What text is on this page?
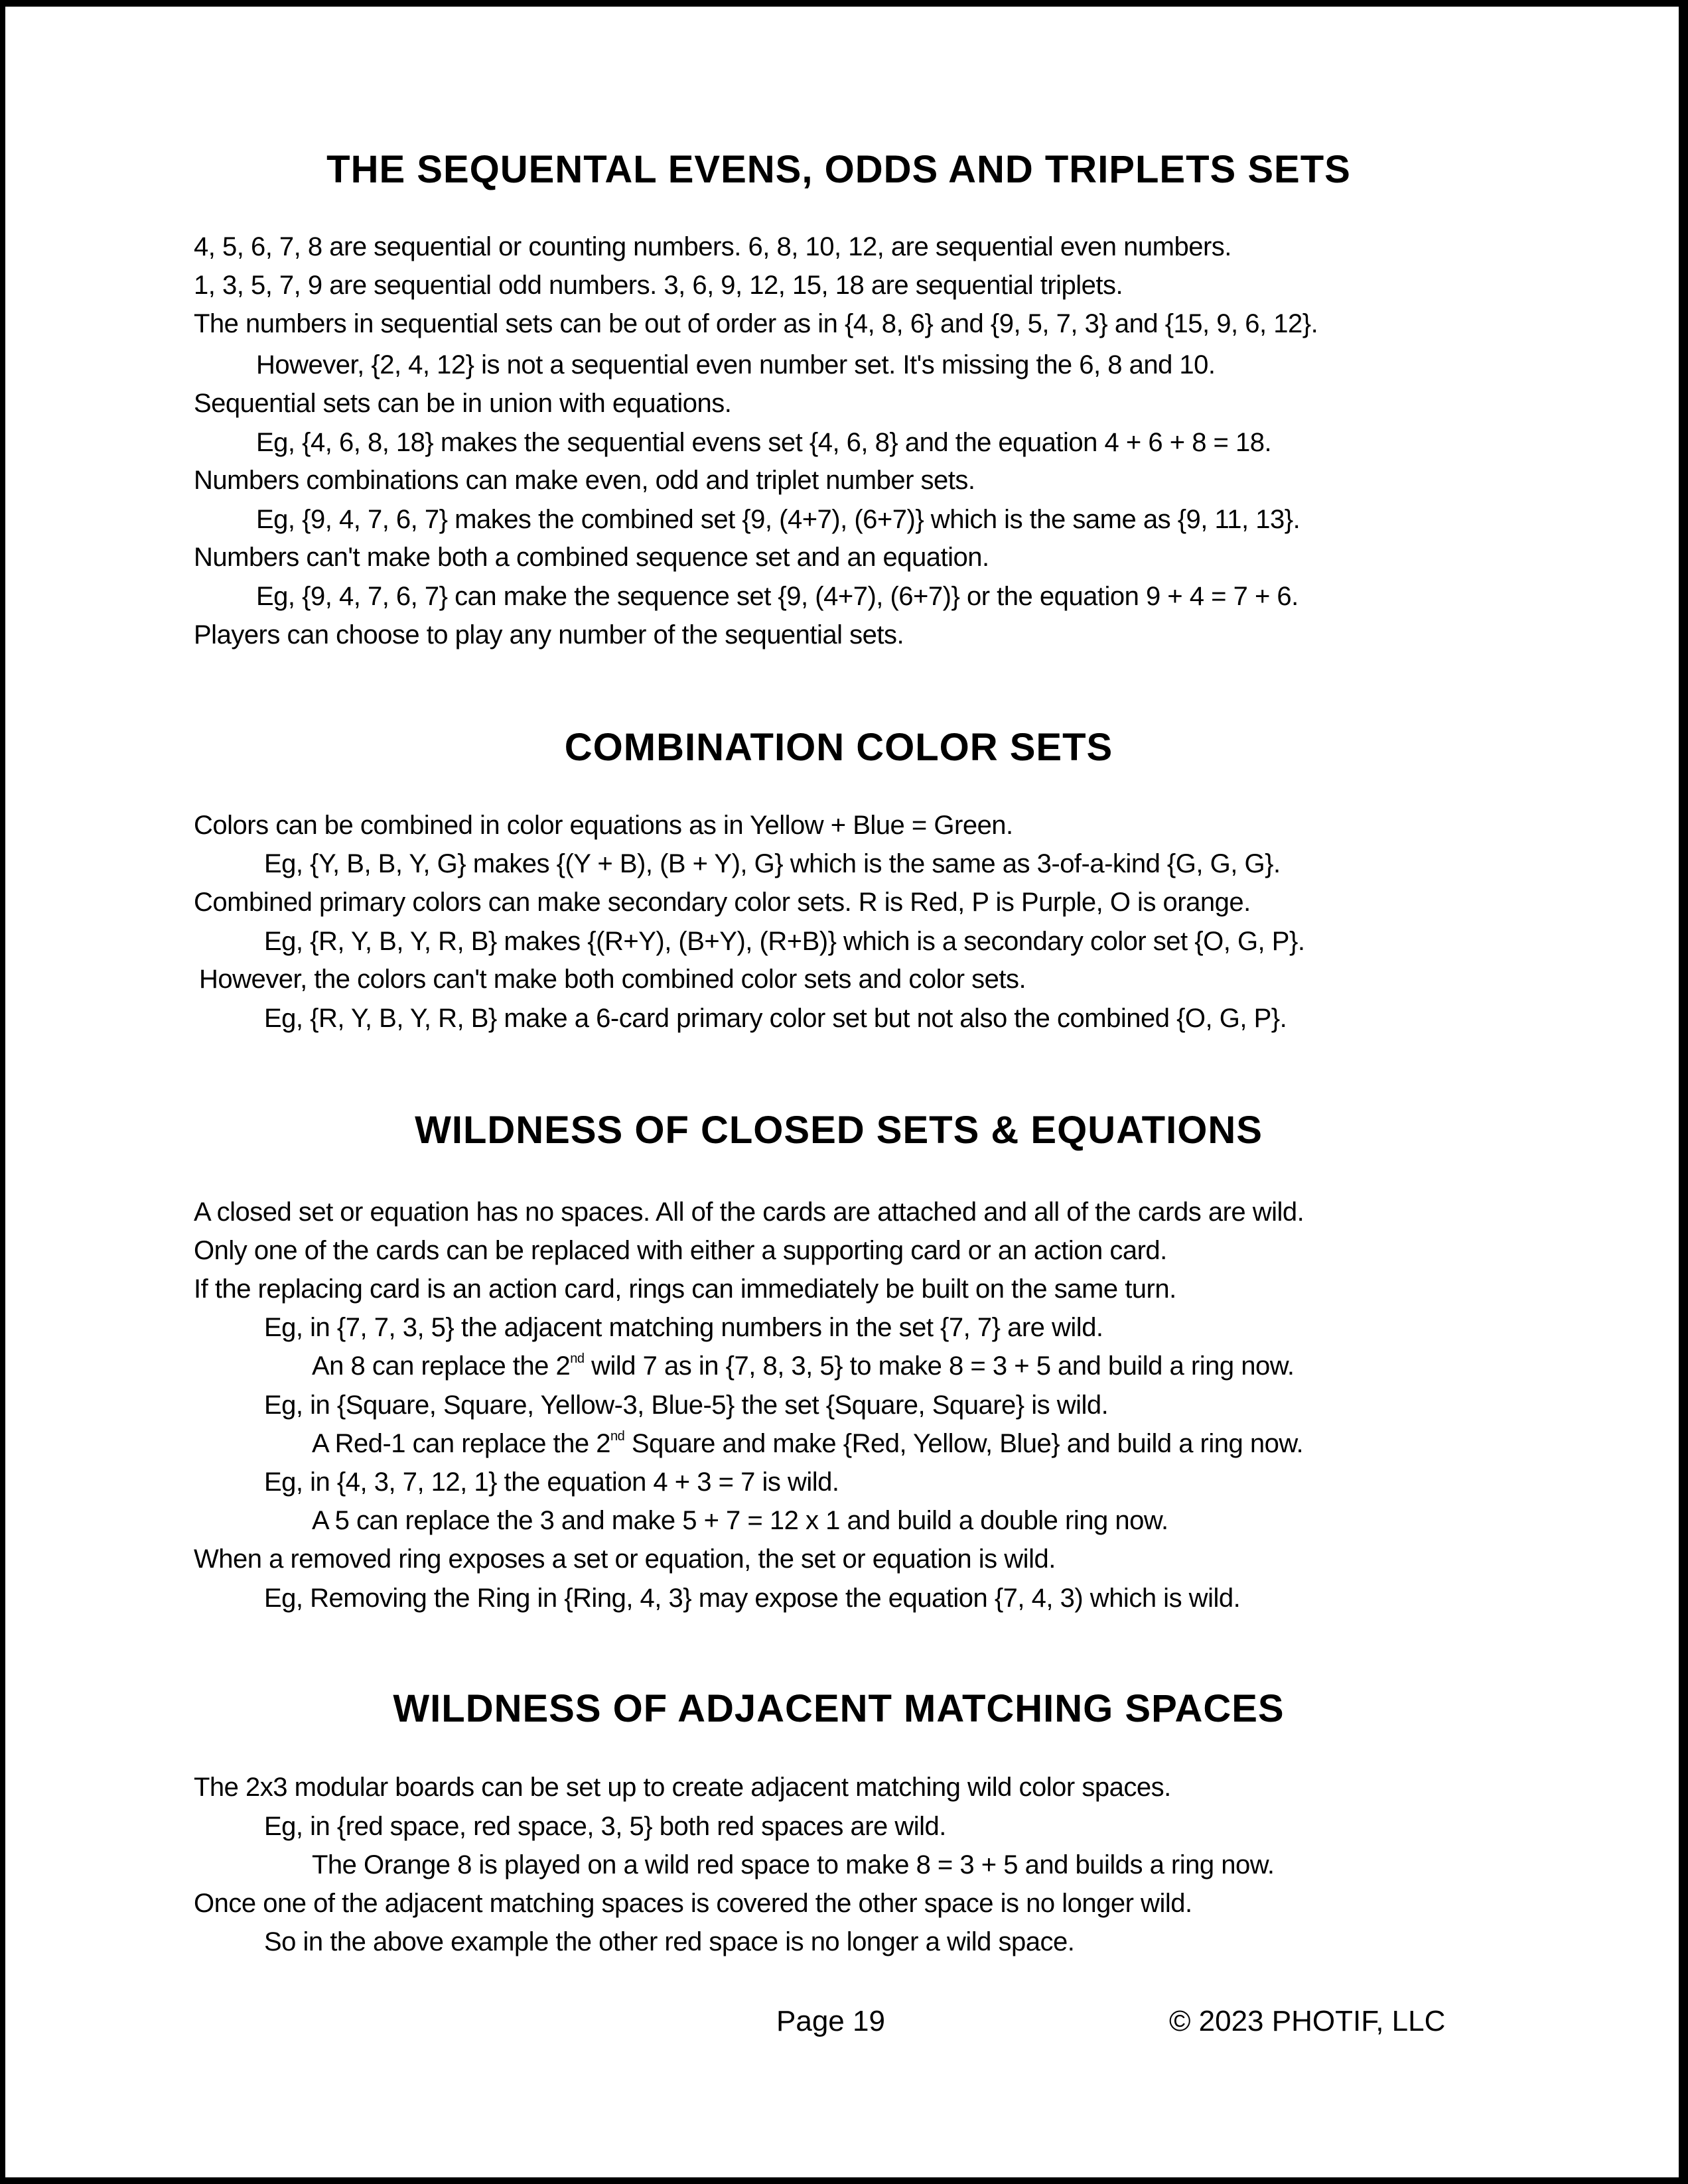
THE SEQUENTAL EVENS, ODDS AND TRIPLETS SETS
4, 5, 6, 7, 8 are sequential or counting numbers. 6, 8, 10, 12, are sequential even numbers.
1, 3, 5, 7, 9 are sequential odd numbers. 3, 6, 9, 12, 15, 18 are sequential triplets.
The numbers in sequential sets can be out of order as in {4, 8, 6} and {9, 5, 7, 3} and {15, 9, 6, 12}.
However, {2, 4, 12} is not a sequential even number set. It's missing the 6, 8 and 10.
Sequential sets can be in union with equations.
Eg, {4, 6, 8, 18} makes the sequential evens set {4, 6, 8} and the equation 4 + 6 + 8 = 18.
Numbers combinations can make even, odd and triplet number sets.
Eg, {9, 4, 7, 6, 7} makes the combined set {9, (4+7), (6+7)} which is the same as {9, 11, 13}.
Numbers can't make both a combined sequence set and an equation.
Eg, {9, 4, 7, 6, 7} can make the sequence set {9, (4+7), (6+7)} or the equation 9 + 4 = 7 + 6.
Players can choose to play any number of the sequential sets.
COMBINATION COLOR SETS
Colors can be combined in color equations as in Yellow + Blue = Green.
Eg, {Y, B, B, Y, G} makes {(Y + B), (B + Y), G} which is the same as 3-of-a-kind {G, G, G}.
Combined primary colors can make secondary color sets. R is Red, P is Purple, O is orange.
Eg, {R, Y, B, Y, R, B} makes {(R+Y), (B+Y), (R+B)} which is a secondary color set {O, G, P}.
However, the colors can't make both combined color sets and color sets.
Eg, {R, Y, B, Y, R, B} make a 6-card primary color set but not also the combined {O, G, P}.
WILDNESS OF CLOSED SETS & EQUATIONS
A closed set or equation has no spaces. All of the cards are attached and all of the cards are wild.
Only one of the cards can be replaced with either a supporting card or an action card.
If the replacing card is an action card, rings can immediately be built on the same turn.
Eg, in {7, 7, 3, 5} the adjacent matching numbers in the set {7, 7} are wild.
An 8 can replace the 2nd wild 7 as in {7, 8, 3, 5} to make 8 = 3 + 5 and build a ring now.
Eg, in {Square, Square, Yellow-3, Blue-5} the set {Square, Square} is wild.
A Red-1 can replace the 2nd Square and make {Red, Yellow, Blue} and build a ring now.
Eg, in {4, 3, 7, 12, 1} the equation 4 + 3 = 7 is wild.
A 5 can replace the 3 and make 5 + 7 = 12 x 1 and build a double ring now.
When a removed ring exposes a set or equation, the set or equation is wild.
Eg, Removing the Ring in {Ring, 4, 3} may expose the equation {7, 4, 3) which is wild.
WILDNESS OF ADJACENT MATCHING SPACES
The 2x3 modular boards can be set up to create adjacent matching wild color spaces.
Eg, in {red space, red space, 3, 5} both red spaces are wild.
The Orange 8 is played on a wild red space to make 8 = 3 + 5 and builds a ring now.
Once one of the adjacent matching spaces is covered the other space is no longer wild.
So in the above example the other red space is no longer a wild space.
Page 19	© 2023 PHOTIF, LLC
